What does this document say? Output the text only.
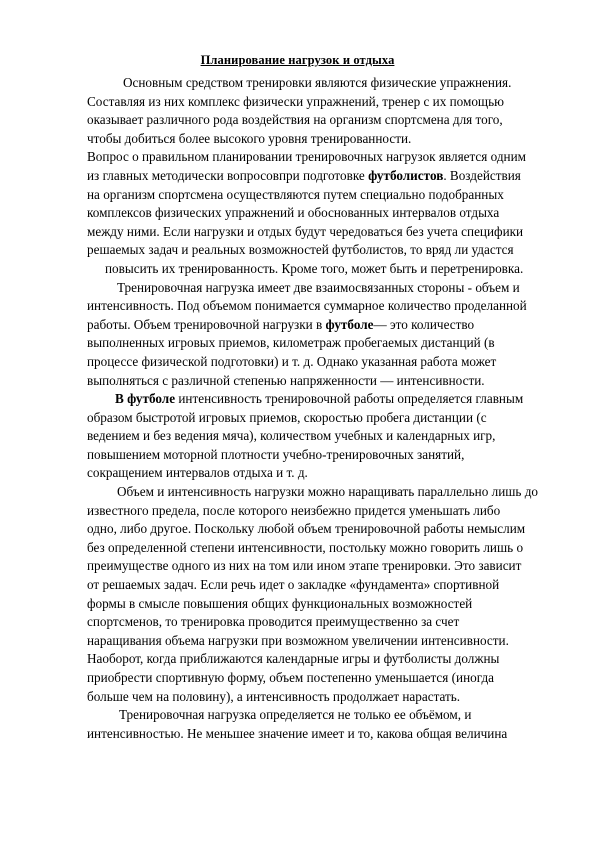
Планирование нагрузок и отдыха
Основным средством тренировки являются физические упражнения.
Составляя из них комплекс физически упражнений, тренер с их помощью
оказывает различного рода воздействия на организм спортсмена для того,
чтобы добиться более высокого уровня тренированности.
Вопрос о правильном планировании тренировочных нагрузок является одним
из главных методически вопросовпри подготовке футболистов. Воздействия
на организм спортсмена осуществляются путем специально подобранных
комплексов физических упражнений и обоснованных интервалов отдыха
между ними. Если нагрузки и отдых будут чередоваться без учета специфики
решаемых задач и реальных возможностей футболистов, то вряд ли удастся
повысить их тренированность. Кроме того, может быть и перетренировка.
Тренировочная нагрузка имеет две взаимосвязанных стороны - объем и
интенсивность. Под объемом понимается суммарное количество проделанной
работы. Объем тренировочной нагрузки в футболе— это количество
выполненных игровых приемов, километраж пробегаемых дистанций (в
процессе физической подготовки) и т. д. Однако указанная работа может
выполняться с различной степенью напряженности — интенсивности.
В футболе интенсивность тренировочной работы определяется главным
образом быстротой игровых приемов, скоростью пробега дистанции (с
ведением и без ведения мяча), количеством учебных и календарных игр,
повышением моторной плотности учебно-тренировочных занятий,
сокращением интервалов отдыха и т. д.
Объем и интенсивность нагрузки можно наращивать параллельно лишь до
известного предела, после которого неизбежно придется уменьшать либо
одно, либо другое. Поскольку любой объем тренировочной работы немыслим
без определенной степени интенсивности, постольку можно говорить лишь о
преимуществе одного из них на том или ином этапе тренировки. Это зависит
от решаемых задач. Если речь идет о закладке «фундамента» спортивной
формы в смысле повышения общих функциональных возможностей
спортсменов, то тренировка проводится преимущественно за счет
наращивания объема нагрузки при возможном увеличении интенсивности.
Наоборот, когда приближаются календарные игры и футболисты должны
приобрести спортивную форму, объем постепенно уменьшается (иногда
больше чем на половину), а интенсивность продолжает нарастать.
Тренировочная нагрузка определяется не только ее объёмом, и
интенсивностью. Не меньшее значение имеет и то, какова общая величина
